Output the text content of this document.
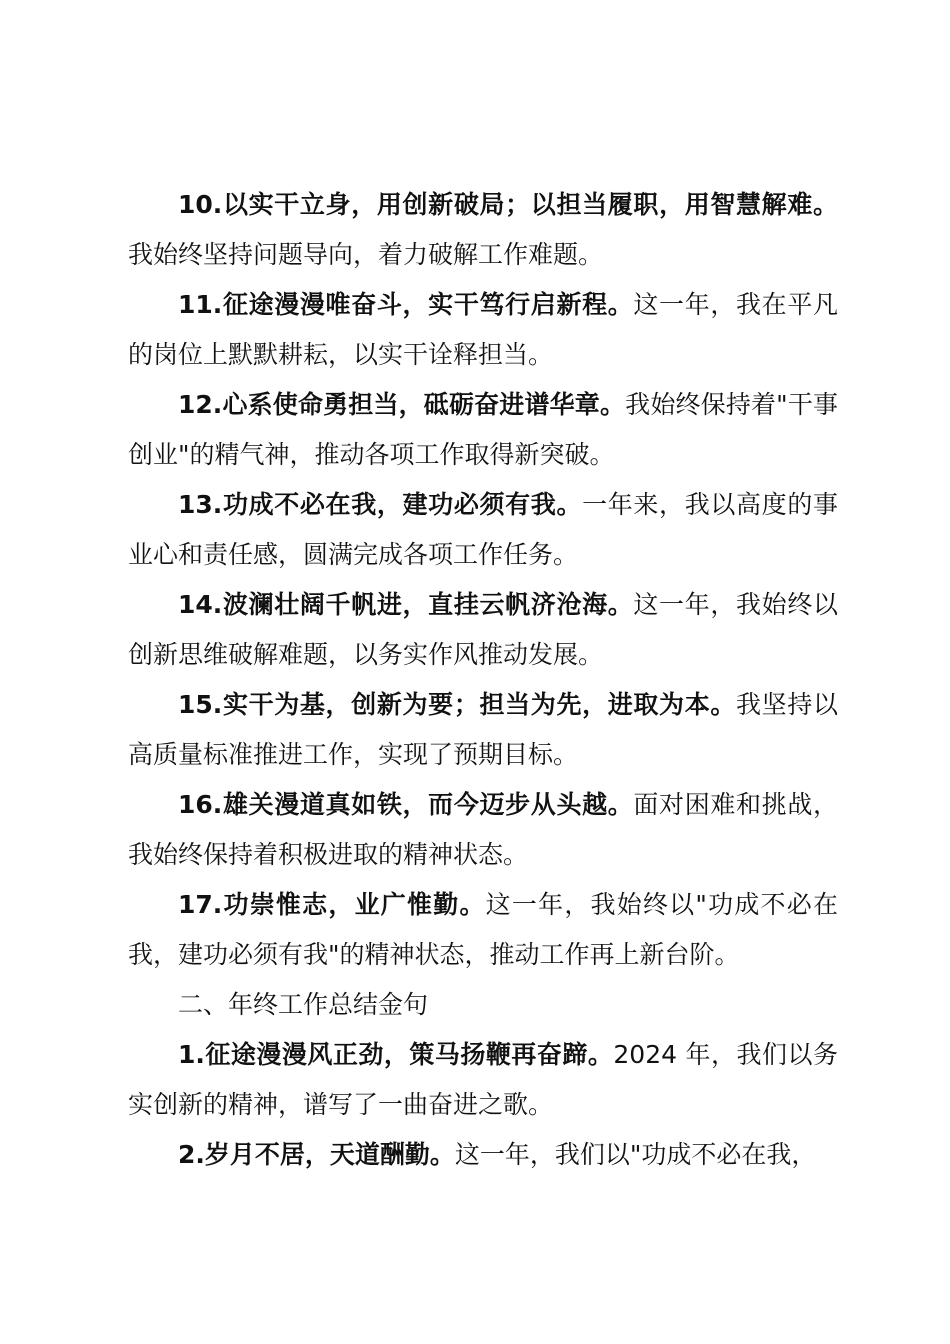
10.以实干立身，用创新破局；以担当履职，用智慧解难。我始终坚持问题导向，着力破解工作难题。

11.征途漫漫唯奋斗，实干笃行启新程。这一年，我在平凡的岗位上默默耕耘，以实干诠释担当。

12.心系使命勇担当，砥砺奋进谱华章。我始终保持着"干事创业"的精气神，推动各项工作取得新突破。

13.功成不必在我，建功必须有我。一年来，我以高度的事业心和责任感，圆满完成各项工作任务。

14.波澜壮阔千帆进，直挂云帆济沧海。这一年，我始终以创新思维破解难题，以务实作风推动发展。

15.实干为基，创新为要；担当为先，进取为本。我坚持以高质量标准推进工作，实现了预期目标。

16.雄关漫道真如铁，而今迈步从头越。面对困难和挑战，我始终保持着积极进取的精神状态。

17.功崇惟志，业广惟勤。这一年，我始终以"功成不必在我，建功必须有我"的精神状态，推动工作再上新台阶。

二、年终工作总结金句

1.征途漫漫风正劲，策马扬鞭再奋蹄。2024 年，我们以务实创新的精神，谱写了一曲奋进之歌。

2.岁月不居，天道酬勤。这一年，我们以"功成不必在我，
